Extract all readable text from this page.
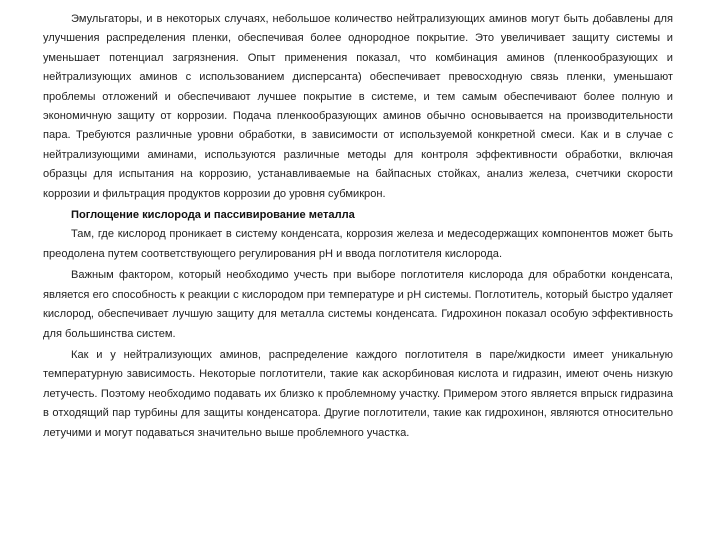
Эмульгаторы, и в некоторых случаях, небольшое количество нейтрализующих аминов могут быть добавлены для улучшения распределения пленки, обеспечивая более однородное покрытие. Это увеличивает защиту системы и уменьшает потенциал загрязнения. Опыт применения показал, что комбинация аминов (пленкообразующих и нейтрализующих аминов с использованием дисперсанта) обеспечивает превосходную связь пленки, уменьшают проблемы отложений и обеспечивают лучшее покрытие в системе, и тем самым обеспечивают более полную и экономичную защиту от коррозии. Подача пленкообразующих аминов обычно основывается на производительности пара. Требуются различные уровни обработки, в зависимости от используемой конкретной смеси. Как и в случае с нейтрализующими аминами, используются различные методы для контроля эффективности обработки, включая образцы для испытания на коррозию, устанавливаемые на байпасных стойках, анализ железа, счетчики скорости коррозии и фильтрация продуктов коррозии до уровня субмикрон.

Поглощение кислорода и пассивирование металла

Там, где кислород проникает в систему конденсата, коррозия железа и медесодержащих компонентов может быть преодолена путем соответствующего регулирования pH и ввода поглотителя кислорода.

Важным фактором, который необходимо учесть при выборе поглотителя кислорода для обработки конденсата, является его способность к реакции с кислородом при температуре и pH системы. Поглотитель, который быстро удаляет кислород, обеспечивает лучшую защиту для металла системы конденсата. Гидрохинон показал особую эффективность для большинства систем.

Как и у нейтрализующих аминов, распределение каждого поглотителя в паре/жидкости имеет уникальную температурную зависимость. Некоторые поглотители, такие как аскорбиновая кислота и гидразин, имеют очень низкую летучесть. Поэтому необходимо подавать их близко к проблемному участку. Примером этого является впрыск гидразина в отходящий пар турбины для защиты конденсатора. Другие поглотители, такие как гидрохинон, являются относительно летучими и могут подаваться значительно выше проблемного участка.
